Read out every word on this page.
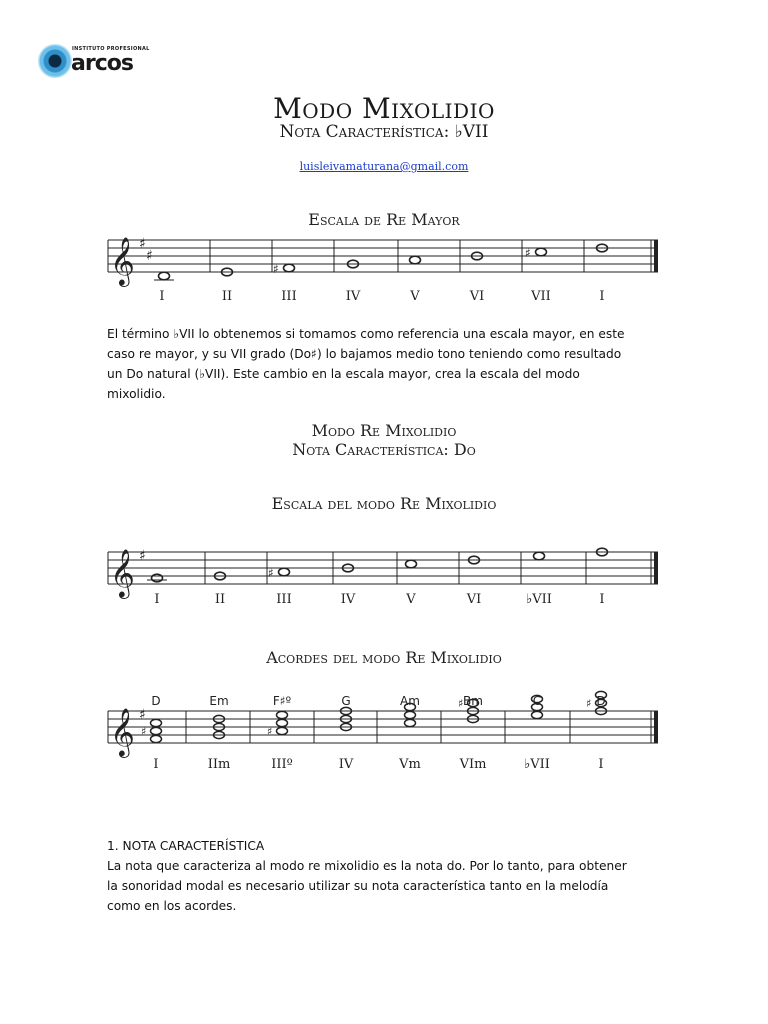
INSTITUTO PROFESIONAL
arcos
Modo Mixolidio
Nota Característica: ♭VII
luisleivamaturana@gmail.com
Escala de Re Mayor
𝄞 ♯
♯
♯
♯
I	II	III	IV	V	VI	VII	I
El término ♭VII lo obtenemos si tomamos como referencia una escala mayor, en este
caso re mayor, y su VII grado (Do♯) lo bajamos medio tono teniendo como resultado
un Do natural (♭VII). Este cambio en la escala mayor, crea la escala del modo
mixolidio.
Modo Re Mixolidio
Nota Característica: Do
Escala del modo Re Mixolidio
𝄞 ♯
♯
I	II	III	IV	V	VI	♭VII	I
Acordes del modo Re Mixolidio
D	Em	F♯º	G	Am	Bm	C	D
𝄞 ♯
♯	♯
♯	♯
I	IIm	IIIº	IV	Vm	VIm	♭VII	I
1. NOTA CARACTERÍSTICA
La nota que caracteriza al modo re mixolidio es la nota do. Por lo tanto, para obtener
la sonoridad modal es necesario utilizar su nota característica tanto en la melodía
como en los acordes.
